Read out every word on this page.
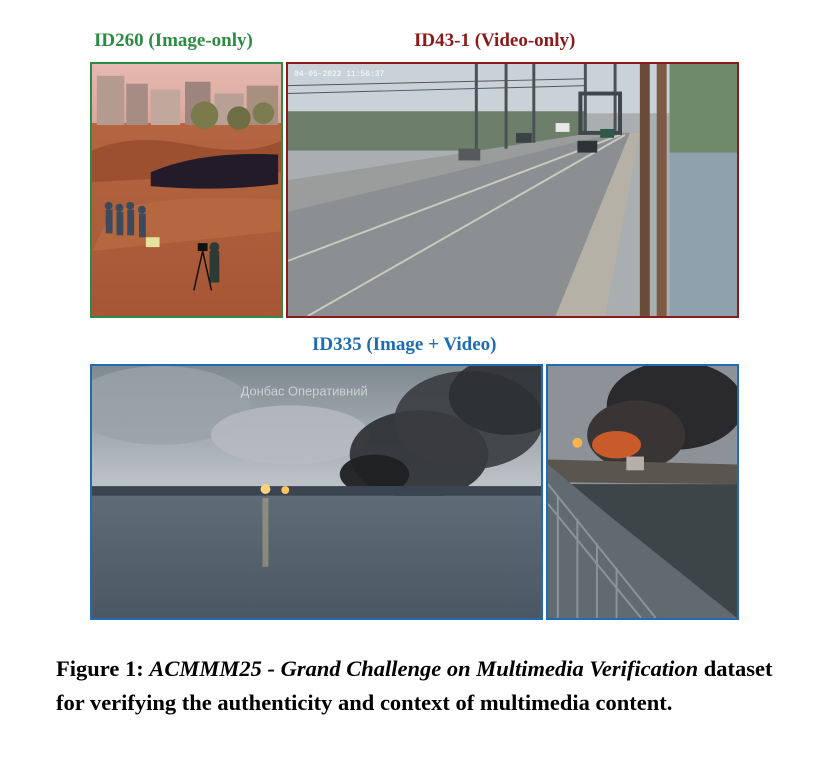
ID260 (Image-only)	ID43-1 (Video-only)
ID335 (Image + Video)
04-05-2022 11:56:37
Донбас Оперативний
Figure 1: ACMMM25 - Grand Challenge on Multimedia Verification dataset for verifying the authenticity and context of multimedia content.
